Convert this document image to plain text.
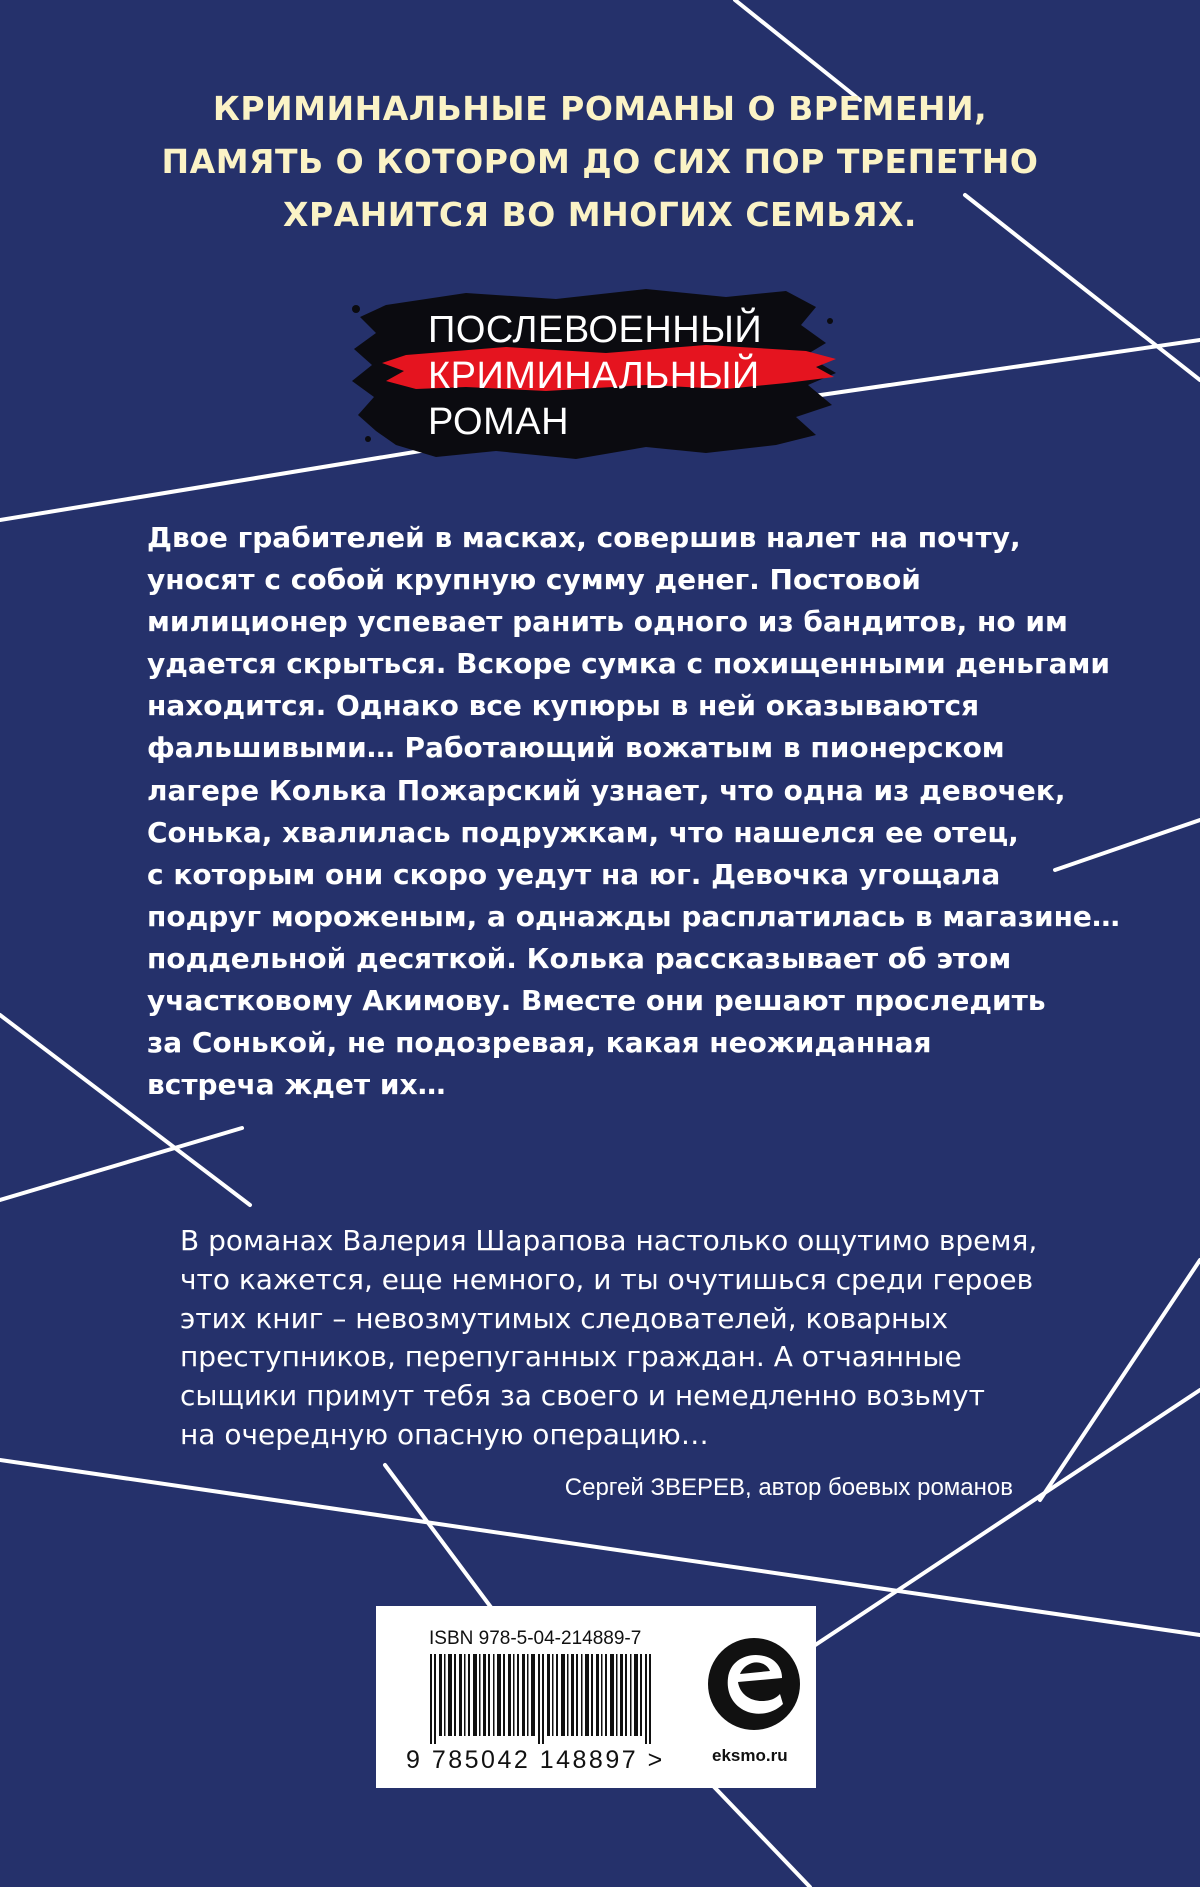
КРИМИНАЛЬНЫЕ РОМАНЫ О ВРЕМЕНИ,
ПАМЯТЬ О КОТОРОМ ДО СИХ ПОР ТРЕПЕТНО
ХРАНИТСЯ ВО МНОГИХ СЕМЬЯХ.
ПОСЛЕВОЕННЫЙ
КРИМИНАЛЬНЫЙ
РОМАН
Двое грабителей в масках, совершив налет на почту,
уносят с собой крупную сумму денег. Постовой
милиционер успевает ранить одного из бандитов, но им
удается скрыться. Вскоре сумка с похищенными деньгами
находится. Однако все купюры в ней оказываются
фальшивыми… Работающий вожатым в пионерском
лагере Колька Пожарский узнает, что одна из девочек,
Сонька, хвалилась подружкам, что нашелся ее отец,
с которым они скоро уедут на юг. Девочка угощала
подруг мороженым, а однажды расплатилась в магазине…
поддельной десяткой. Колька рассказывает об этом
участковому Акимову. Вместе они решают проследить
за Сонькой, не подозревая, какая неожиданная
встреча ждет их…
В романах Валерия Шарапова настолько ощутимо время,
что кажется, еще немного, и ты очутишься среди героев
этих книг – невозмутимых следователей, коварных
преступников, перепуганных граждан. А отчаянные
сыщики примут тебя за своего и немедленно возьмут
на очередную опасную операцию…
Сергей ЗВЕРЕВ, автор боевых романов
ISBN 978-5-04-214889-7
9 785042 148897 >	eksmo.ru
